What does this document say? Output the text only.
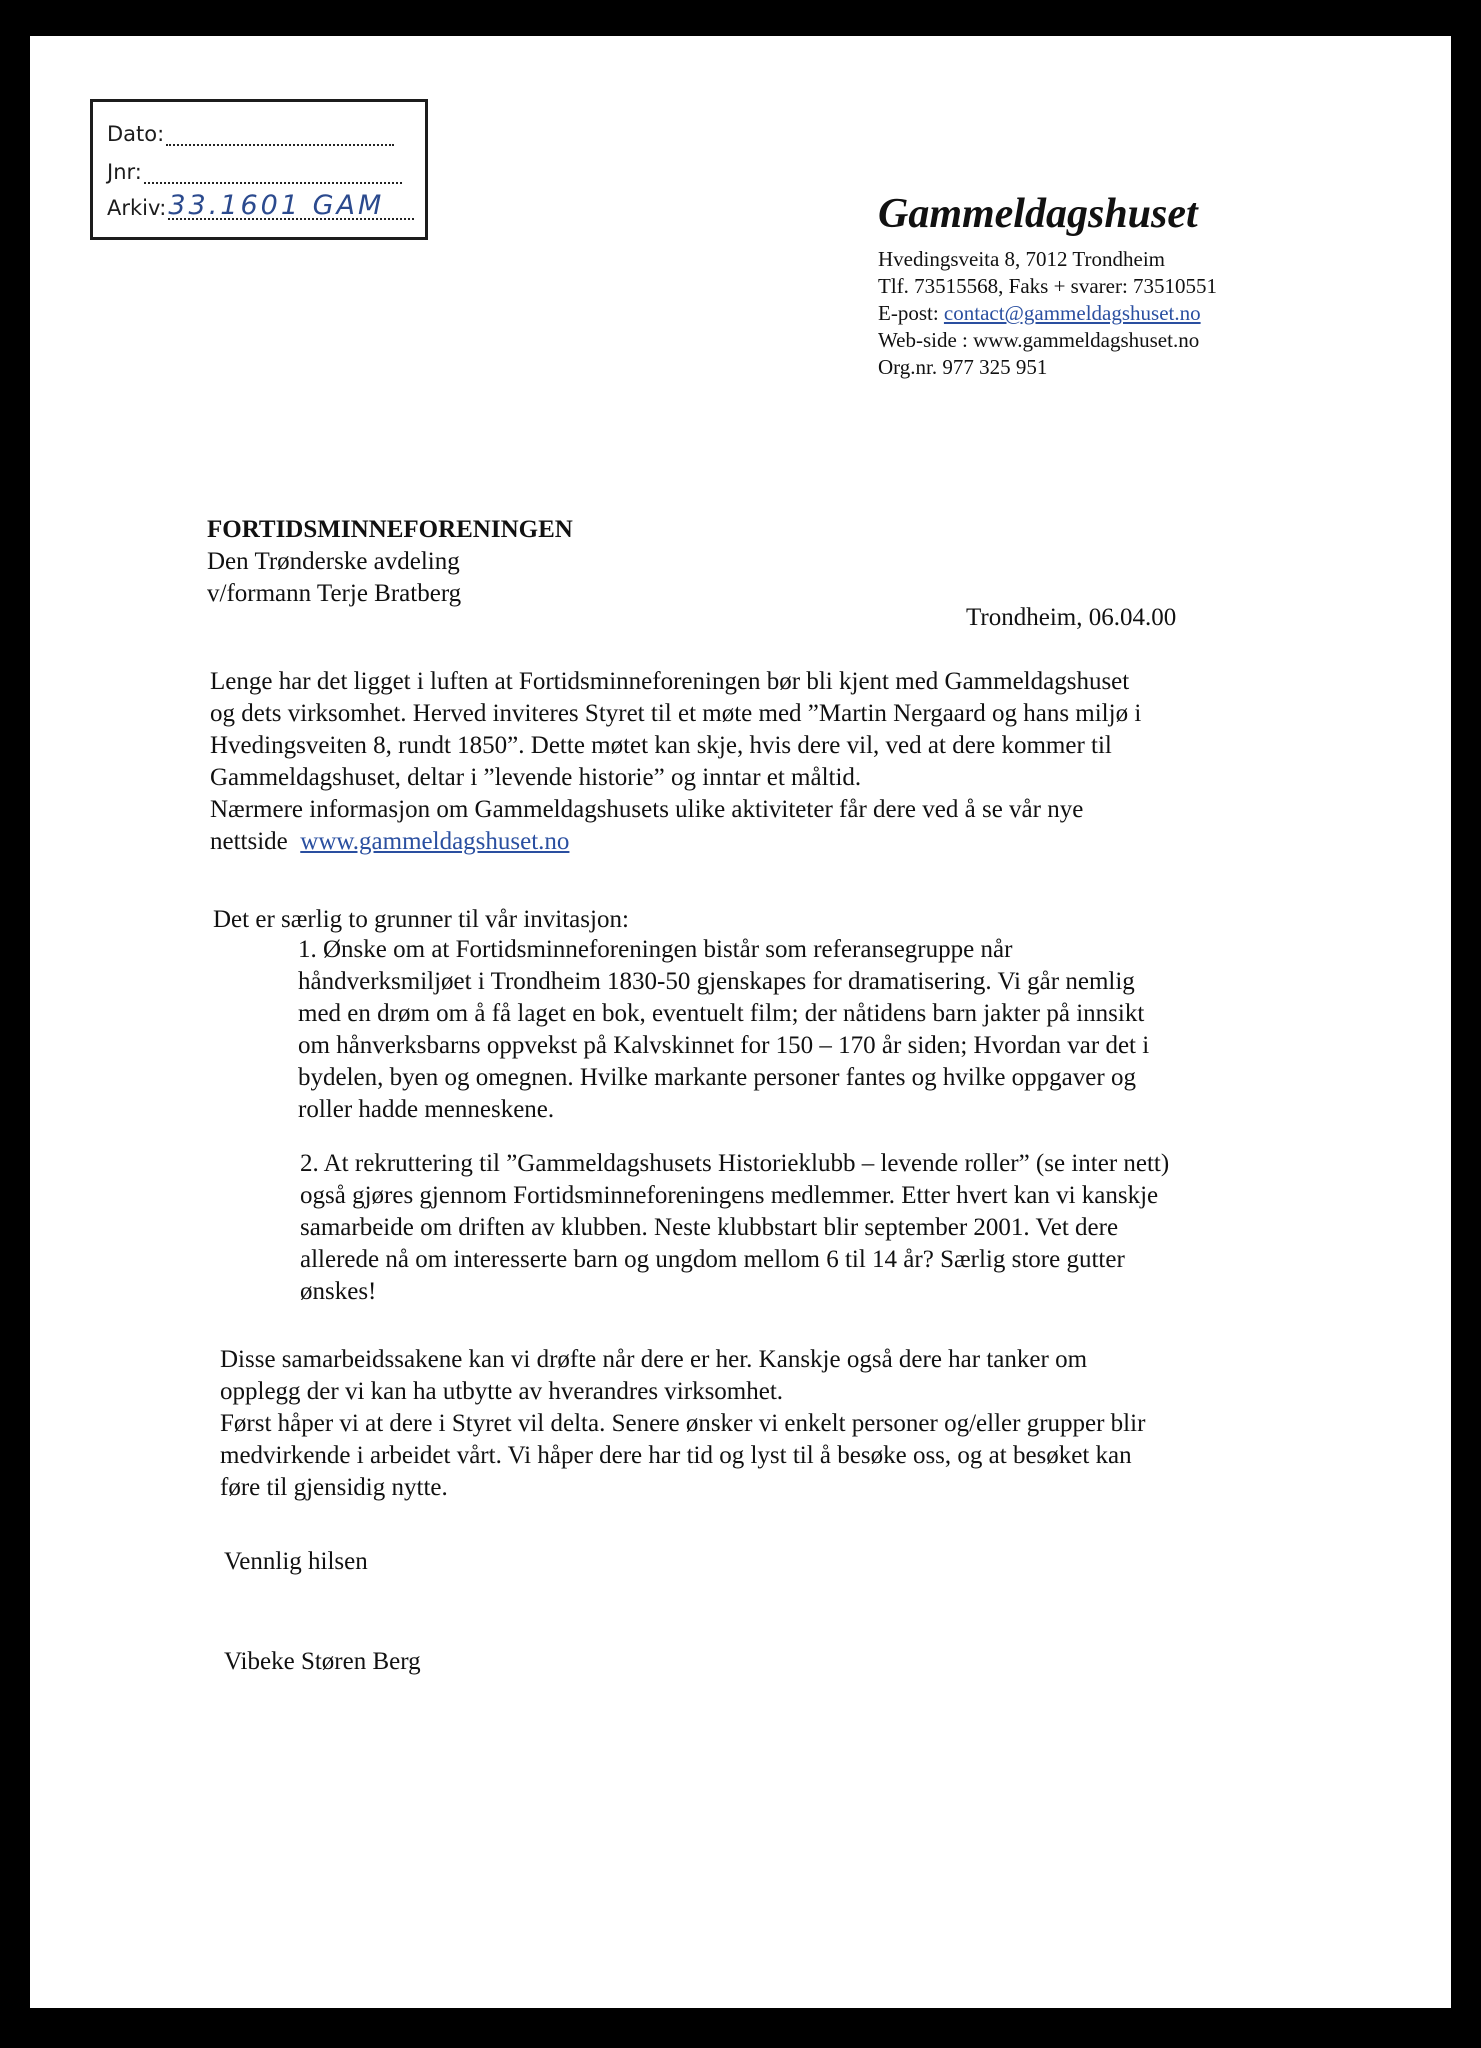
Dato:
Jnr:
Arkiv: 33.1601 GAM	Gammeldagshuset
Hvedingsveita 8, 7012 Trondheim
Tlf. 73515568, Faks + svarer: 73510551
E-post: contact@gammeldagshuset.no
Web-side : www.gammeldagshuset.no
Org.nr. 977 325 951
FORTIDSMINNEFORENINGEN
Den Trønderske avdeling
v/formann Terje Bratberg
Trondheim, 06.04.00
Lenge har det ligget i luften at Fortidsminneforeningen bør bli kjent med Gammeldagshuset
og dets virksomhet. Herved inviteres Styret til et møte med ”Martin Nergaard og hans miljø i
Hvedingsveiten 8, rundt 1850”. Dette møtet kan skje, hvis dere vil, ved at dere kommer til
Gammeldagshuset, deltar i ”levende historie” og inntar et måltid.
Nærmere informasjon om Gammeldagshusets ulike aktiviteter får dere ved å se vår nye
nettside www.gammeldagshuset.no
Det er særlig to grunner til vår invitasjon:
1. Ønske om at Fortidsminneforeningen bistår som referansegruppe når
håndverksmiljøet i Trondheim 1830-50 gjenskapes for dramatisering. Vi går nemlig
med en drøm om å få laget en bok, eventuelt film; der nåtidens barn jakter på innsikt
om hånverksbarns oppvekst på Kalvskinnet for 150 – 170 år siden; Hvordan var det i
bydelen, byen og omegnen. Hvilke markante personer fantes og hvilke oppgaver og
roller hadde menneskene.
2. At rekruttering til ”Gammeldagshusets Historieklubb – levende roller” (se inter nett)
også gjøres gjennom Fortidsminneforeningens medlemmer. Etter hvert kan vi kanskje
samarbeide om driften av klubben. Neste klubbstart blir september 2001. Vet dere
allerede nå om interesserte barn og ungdom mellom 6 til 14 år? Særlig store gutter
ønskes!
Disse samarbeidssakene kan vi drøfte når dere er her. Kanskje også dere har tanker om
opplegg der vi kan ha utbytte av hverandres virksomhet.
Først håper vi at dere i Styret vil delta. Senere ønsker vi enkelt personer og/eller grupper blir
medvirkende i arbeidet vårt. Vi håper dere har tid og lyst til å besøke oss, og at besøket kan
føre til gjensidig nytte.
Vennlig hilsen
Vibeke Støren Berg
